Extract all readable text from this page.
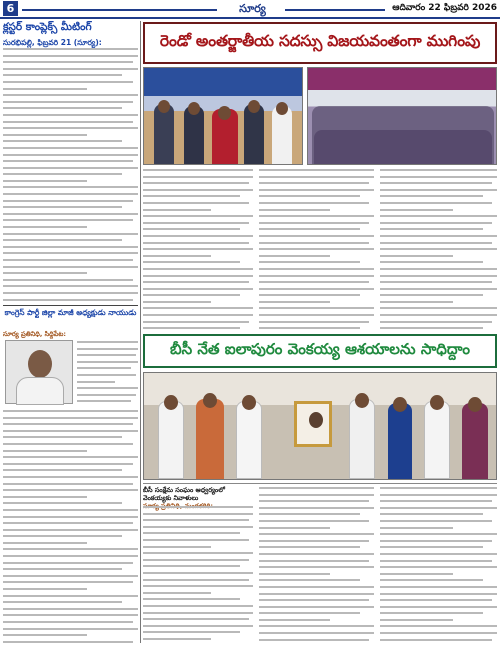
6	సూర్య	ఆదివారం 22 ఫిబ్రవరి 2026
క్లస్టర్ కాంప్లెక్స్ మీటింగ్
సురభిపల్లి, ఫిబ్రవరి 21 (సూర్య):
కాంగ్రెస్ పార్టీ జిల్లా మాజీ అధ్యక్షుడు నాయుడు
సూర్య ప్రతినిధి, సిద్దిపేట:
రెండో అంతర్జాతీయ సదస్సు విజయవంతంగా ముగింపు
బీసీ నేత ఐలాపురం వెంకయ్య ఆశయాలను సాధిద్దాం
బీసీ సంక్షేమ సంఘం ఆధ్వర్యంలో వెంకయ్యకు నివాళులు
